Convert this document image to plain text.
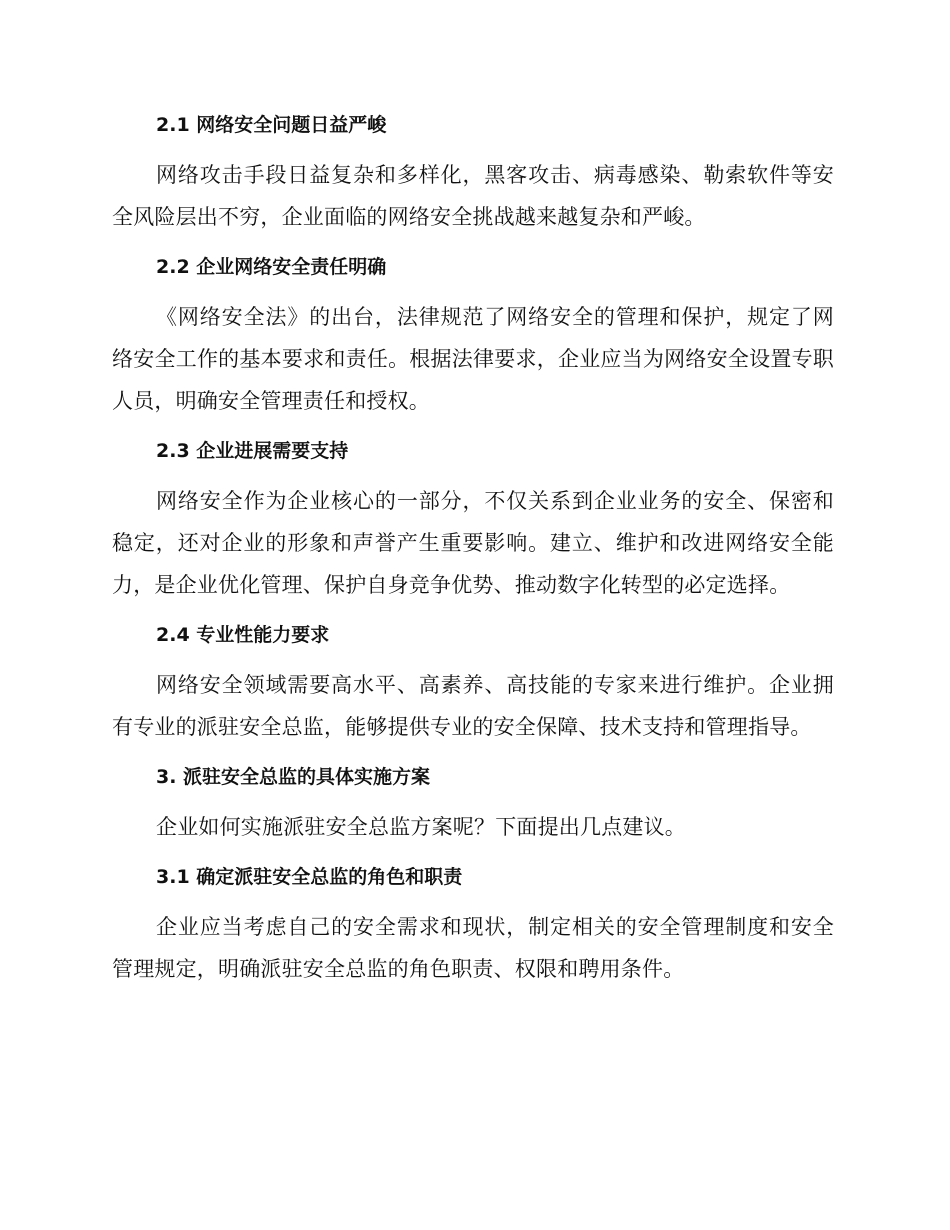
2.1 网络安全问题日益严峻

网络攻击手段日益复杂和多样化，黑客攻击、病毒感染、勒索软件等安全风险层出不穷，企业面临的网络安全挑战越来越复杂和严峻。

2.2 企业网络安全责任明确

《网络安全法》的出台，法律规范了网络安全的管理和保护，规定了网络安全工作的基本要求和责任。根据法律要求，企业应当为网络安全设置专职人员，明确安全管理责任和授权。

2.3 企业进展需要支持

网络安全作为企业核心的一部分，不仅关系到企业业务的安全、保密和稳定，还对企业的形象和声誉产生重要影响。建立、维护和改进网络安全能力，是企业优化管理、保护自身竞争优势、推动数字化转型的必定选择。

2.4 专业性能力要求

网络安全领域需要高水平、高素养、高技能的专家来进行维护。企业拥有专业的派驻安全总监，能够提供专业的安全保障、技术支持和管理指导。

3. 派驻安全总监的具体实施方案

企业如何实施派驻安全总监方案呢？下面提出几点建议。

3.1 确定派驻安全总监的角色和职责

企业应当考虑自己的安全需求和现状，制定相关的安全管理制度和安全管理规定，明确派驻安全总监的角色职责、权限和聘用条件。
